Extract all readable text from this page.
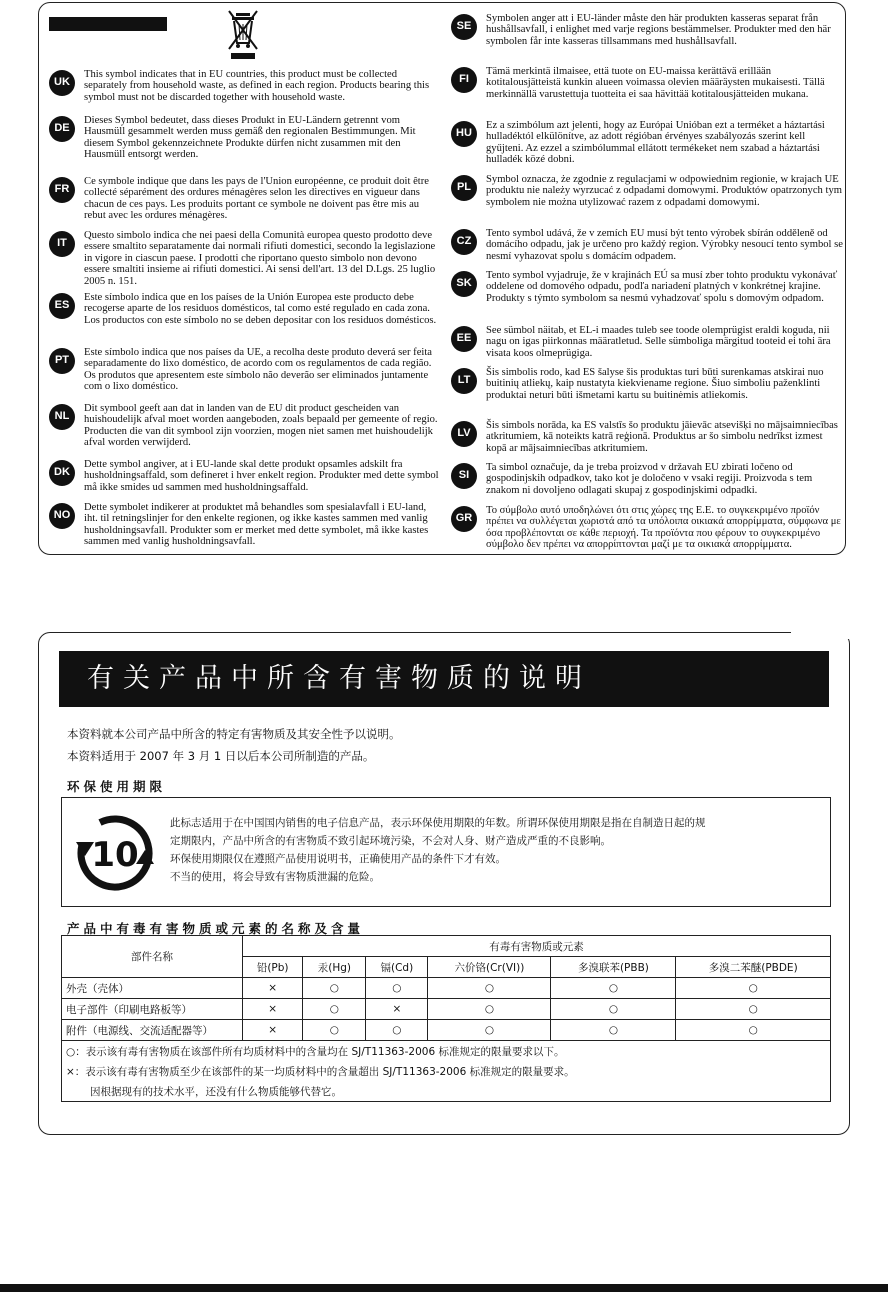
UK
This symbol indicates that in EU countries, this product must be collected separately from household waste, as defined in each region. Products bearing this symbol must not be discarded together with household waste.
DE
Dieses Symbol bedeutet, dass dieses Produkt in EU-Ländern getrennt vom Hausmüll gesammelt werden muss gemäß den regionalen Bestimmungen. Mit diesem Symbol gekennzeichnete Produkte dürfen nicht zusammen mit den Hausmüll entsorgt werden.
FR
Ce symbole indique que dans les pays de l'Union européenne, ce produit doit être collecté séparément des ordures ménagères selon les directives en vigueur dans chacun de ces pays. Les produits portant ce symbole ne doivent pas être mis au rebut avec les ordures ménagères.
IT
Questo simbolo indica che nei paesi della Comunità europea questo prodotto deve essere smaltito separatamente dai normali rifiuti domestici, secondo la legislazione in vigore in ciascun paese. I prodotti che riportano questo simbolo non devono essere smaltiti insieme ai rifiuti domestici. Ai sensi dell'art. 13 del D.Lgs. 25 luglio 2005 n. 151.
ES
Este símbolo indica que en los países de la Unión Europea este producto debe recogerse aparte de los residuos domésticos, tal como esté regulado en cada zona. Los productos con este símbolo no se deben depositar con los residuos domésticos.
PT
Este símbolo indica que nos países da UE, a recolha deste produto deverá ser feita separadamente do lixo doméstico, de acordo com os regulamentos de cada região. Os produtos que apresentem este símbolo não deverão ser eliminados juntamente com o lixo doméstico.
NL
Dit symbool geeft aan dat in landen van de EU dit product gescheiden van huishoudelijk afval moet worden aangeboden, zoals bepaald per gemeente of regio. Producten die van dit symbool zijn voorzien, mogen niet samen met huishoudelijk afval worden verwijderd.
DK
Dette symbol angiver, at i EU-lande skal dette produkt opsamles adskilt fra husholdningsaffald, som defineret i hver enkelt region. Produkter med dette symbol må ikke smides ud sammen med husholdningsaffald.
NO
Dette symbolet indikerer at produktet må behandles som spesialavfall i EU-land, iht. til retningslinjer for den enkelte regionen, og ikke kastes sammen med vanlig husholdningsavfall. Produkter som er merket med dette symbolet, må ikke kastes sammen med vanlig husholdningsavfall.
SE
Symbolen anger att i EU-länder måste den här produkten kasseras separat från hushållsavfall, i enlighet med varje regions bestämmelser. Produkter med den här symbolen får inte kasseras tillsammans med hushållsavfall.
FI
Tämä merkintä ilmaisee, että tuote on EU-maissa kerättävä erillään kotitalousjätteistä kunkin alueen voimassa olevien määräysten mukaisesti. Tällä merkinnällä varustettuja tuotteita ei saa hävittää kotitalousjätteiden mukana.
HU
Ez a szimbólum azt jelenti, hogy az Európai Unióban ezt a terméket a háztartási hulladéktól elkülönítve, az adott régióban érvényes szabályozás szerint kell gyűjteni. Az ezzel a szimbólummal ellátott termékeket nem szabad a háztartási hulladék közé dobni.
PL
Symbol oznacza, że zgodnie z regulacjami w odpowiednim regionie, w krajach UE produktu nie należy wyrzucać z odpadami domowymi. Produktów opatrzonych tym symbolem nie można utylizować razem z odpadami domowymi.
CZ
Tento symbol udává, že v zemích EU musí být tento výrobek sbírán odděleně od domácího odpadu, jak je určeno pro každý region. Výrobky nesoucí tento symbol se nesmí vyhazovat spolu s domácím odpadem.
SK
Tento symbol vyjadruje, že v krajinách EÚ sa musí zber tohto produktu vykonávať oddelene od domového odpadu, podľa nariadení platných v konkrétnej krajine. Produkty s týmto symbolom sa nesmú vyhadzovať spolu s domovým odpadom.
EE
See sümbol näitab, et EL-i maades tuleb see toode olemprügist eraldi koguda, nii nagu on igas piirkonnas määratletud. Selle sümboliga märgitud tooteid ei tohi ära visata koos olmeprügiga.
LT
Šis simbolis rodo, kad ES šalyse šis produktas turi būti surenkamas atskirai nuo buitinių atliekų, kaip nustatyta kiekviename regione. Šiuo simboliu paženklinti produktai neturi būti išmetami kartu su buitinėmis atliekomis.
LV
Šis simbols norāda, ka ES valstīs šo produktu jāievāc atsevišķi no mājsaimniecības atkritumiem, kā noteikts katrā reģionā. Produktus ar šo simbolu nedrīkst izmest kopā ar mājsaimniecības atkritumiem.
SI
Ta simbol označuje, da je treba proizvod v državah EU zbirati ločeno od gospodinjskih odpadkov, tako kot je določeno v vsaki regiji. Proizvoda s tem znakom ni dovoljeno odlagati skupaj z gospodinjskimi odpadki.
GR
Το σύμβολο αυτό υποδηλώνει ότι στις χώρες της Ε.Ε. το συγκεκριμένο προϊόν πρέπει να συλλέγεται χωριστά από τα υπόλοιπα οικιακά απορρίμματα, σύμφωνα με όσα προβλέπονται σε κάθε περιοχή. Τα προϊόντα που φέρουν το συγκεκριμένο σύμβολο δεν πρέπει να απορρίπτονται μαζί με τα οικιακά απορρίμματα.
有关产品中所含有害物质的说明
本资料就本公司产品中所含的特定有害物质及其安全性予以说明。
本资料适用于 2007 年 3 月 1 日以后本公司所制造的产品。
环保使用期限
10
此标志适用于在中国国内销售的电子信息产品，表示环保使用期限的年数。所谓环保使用期限是指在自制造日起的规
定期限内，产品中所含的有害物质不致引起环境污染，不会对人身、财产造成严重的不良影响。
环保使用期限仅在遵照产品使用说明书，正确使用产品的条件下才有效。
不当的使用，将会导致有害物质泄漏的危险。
产品中有毒有害物质或元素的名称及含量
部件名称	有毒有害物质或元素					
	铅(Pb)	汞(Hg)	镉(Cd)	六价铬(Cr(VI))	多溴联苯(PBB)	多溴二苯醚(PBDE)
外壳（壳体）	×	○	○	○	○	○
电子部件（印刷电路板等）	×	○	×	○	○	○
附件（电源线、交流适配器等）	×	○	○	○	○	○
○：表示该有毒有害物质在该部件所有均质材料中的含量均在 SJ/T11363-2006 标准规定的限量要求以下。						
×：表示该有毒有害物质至少在该部件的某一均质材料中的含量超出 SJ/T11363-2006 标准规定的限量要求。						
因根据现有的技术水平，还没有什么物质能够代替它。						
